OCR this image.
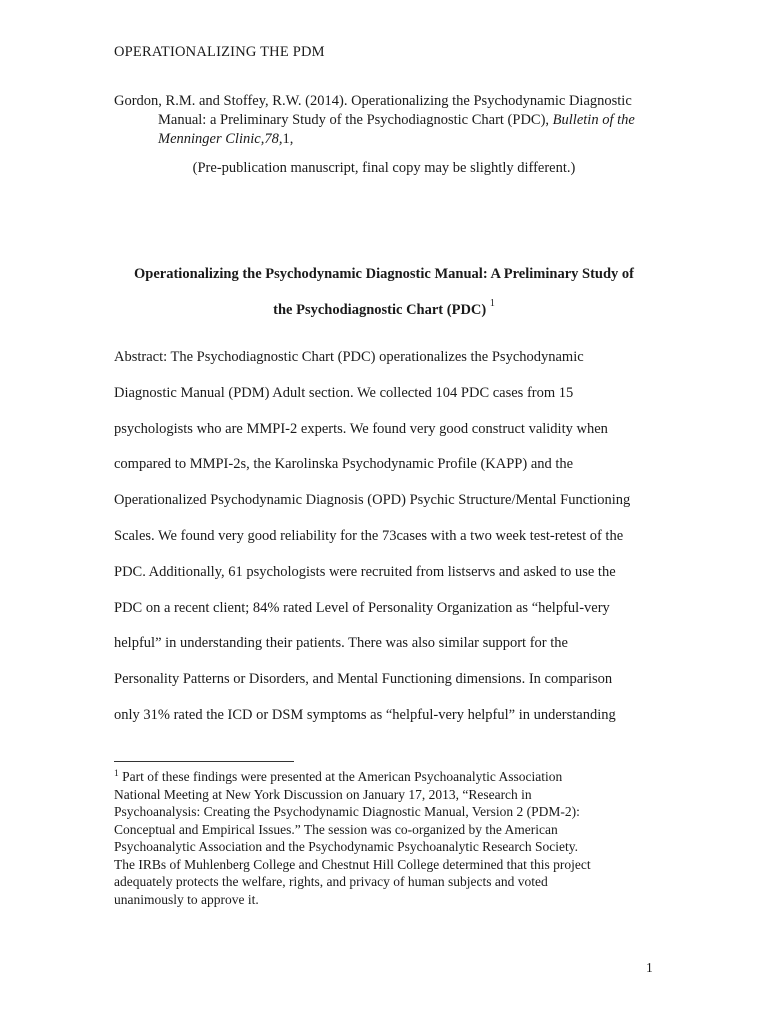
OPERATIONALIZING THE PDM
Gordon, R.M. and Stoffey, R.W. (2014). Operationalizing the Psychodynamic Diagnostic
Manual: a Preliminary Study of the Psychodiagnostic Chart (PDC), Bulletin of the
Menninger Clinic,78,1,
(Pre-publication manuscript, final copy may be slightly different.)
Operationalizing the Psychodynamic Diagnostic Manual: A Preliminary Study of
the Psychodiagnostic Chart (PDC) $^1$
Abstract: The Psychodiagnostic Chart (PDC) operationalizes the Psychodynamic
Diagnostic Manual (PDM) Adult section. We collected 104 PDC cases from 15
psychologists who are MMPI-2 experts. We found very good construct validity when
compared to MMPI-2s, the Karolinska Psychodynamic Profile (KAPP) and the
Operationalized Psychodynamic Diagnosis (OPD) Psychic Structure/Mental Functioning
Scales. We found very good reliability for the 73cases with a two week test-retest of the
PDC. Additionally, 61 psychologists were recruited from listservs and asked to use the
PDC on a recent client; 84% rated Level of Personality Organization as “helpful-very
helpful” in understanding their patients. There was also similar support for the
Personality Patterns or Disorders, and Mental Functioning dimensions. In comparison
only 31% rated the ICD or DSM symptoms as “helpful-very helpful” in understanding
$^1$ Part of these findings were presented at the American Psychoanalytic Association
National Meeting at New York Discussion on January 17, 2013, “Research in
Psychoanalysis: Creating the Psychodynamic Diagnostic Manual, Version 2 (PDM-2):
Conceptual and Empirical Issues.” The session was co-organized by the American
Psychoanalytic Association and the Psychodynamic Psychoanalytic Research Society.
The IRBs of Muhlenberg College and Chestnut Hill College determined that this project
adequately protects the welfare, rights, and privacy of human subjects and voted
unanimously to approve it.
1
